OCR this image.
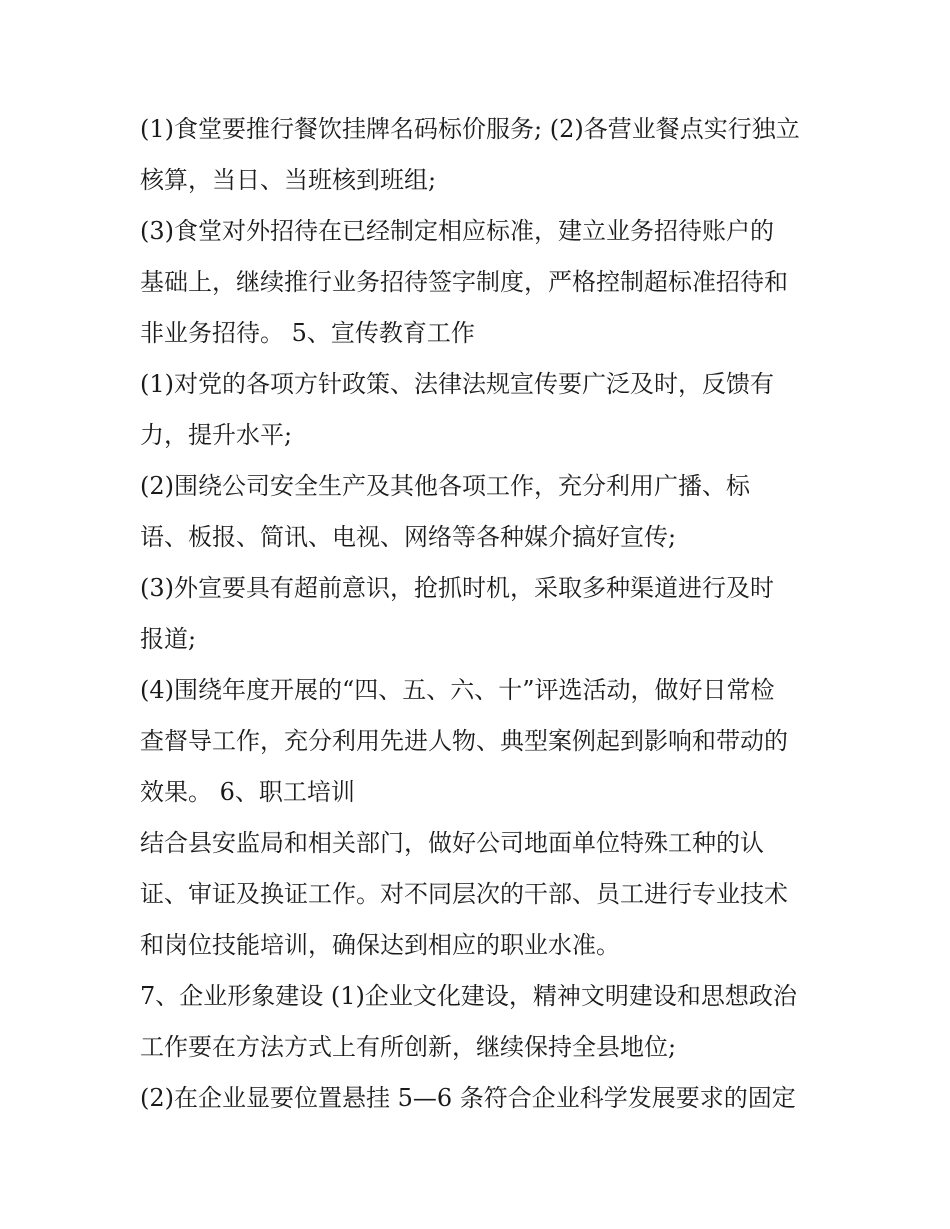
(1)食堂要推行餐饮挂牌名码标价服务; (2)各营业餐点实行独立
核算，当日、当班核到班组;
(3)食堂对外招待在已经制定相应标准，建立业务招待账户的
基础上，继续推行业务招待签字制度，严格控制超标准招待和
非业务招待。 5、宣传教育工作
(1)对党的各项方针政策、法律法规宣传要广泛及时，反馈有
力，提升水平;
(2)围绕公司安全生产及其他各项工作，充分利用广播、标
语、板报、简讯、电视、网络等各种媒介搞好宣传;
(3)外宣要具有超前意识，抢抓时机，采取多种渠道进行及时
报道;
(4)围绕年度开展的“四、五、六、十”评选活动，做好日常检
查督导工作，充分利用先进人物、典型案例起到影响和带动的
效果。 6、职工培训
结合县安监局和相关部门，做好公司地面单位特殊工种的认
证、审证及换证工作。对不同层次的干部、员工进行专业技术
和岗位技能培训，确保达到相应的职业水准。
7、企业形象建设 (1)企业文化建设，精神文明建设和思想政治
工作要在方法方式上有所创新，继续保持全县地位;
(2)在企业显要位置悬挂 5—6 条符合企业科学发展要求的固定
